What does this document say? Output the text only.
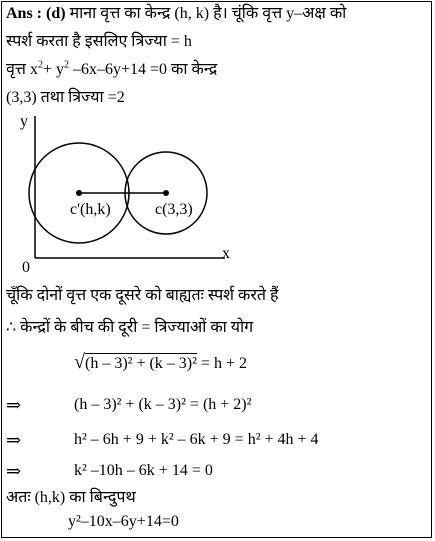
Ans : (d) माना वृत्त का केन्द्र (h, k) है। चूंकि वृत्त y–अक्ष को
स्पर्श करता है इसलिए त्रिज्या = h
वृत्त $x^2+ y^2$ –6x–6y+14 =0 का केन्द्र
(3,3) तथा त्रिज्या =2
y
x
0
c'(h,k)	c(3,3)
चूँकि दोनों वृत्त एक दूसरे को बाह्यतः स्पर्श करते हैं
∴ केन्द्रों के बीच की दूरी = त्रिज्याओं का योग
√(h – 3)² + (k – 3)² = h + 2
⇒	(h – 3)² + (k – 3)² = (h + 2)²
⇒	h² – 6h + 9 + k² – 6k + 9 = h² + 4h + 4
⇒	k² –10h – 6k + 14 = 0
अतः (h,k) का बिन्दुपथ
y²–10x–6y+14=0
